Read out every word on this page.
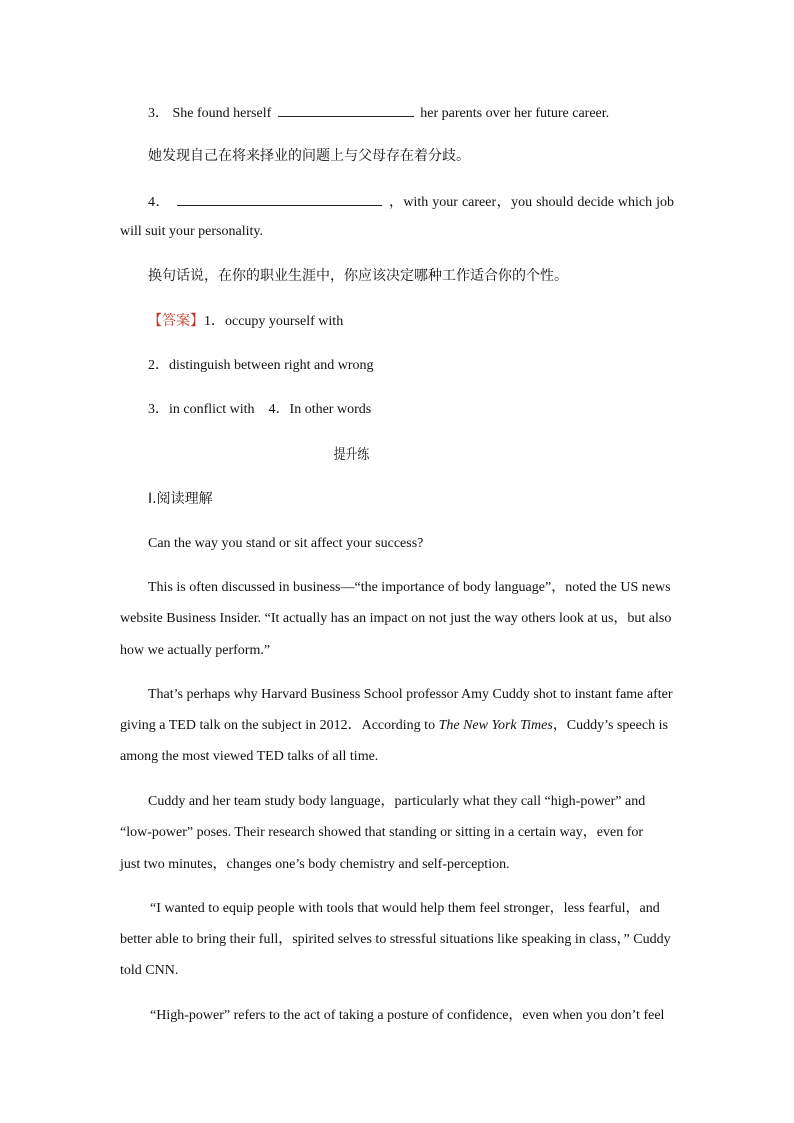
3． She found herself	her parents over her future career.
她发现自己在将来择业的问题上与父母存在着分歧。
4．	，with your career，you should decide which job
will suit your personality.
换句话说，在你的职业生涯中，你应该决定哪种工作适合你的个性。
【答案】1．occupy yourself with
2．distinguish between right and wrong
3．in conflict with　4．In other words
提升练
Ⅰ.阅读理解
Can the way you stand or sit affect your success?
This is often discussed in business—“the importance of body language”，noted the US news
website Business Insider. “It actually has an impact on not just the way others look at us，but also
how we actually perform.”
That’s perhaps why Harvard Business School professor Amy Cuddy shot to instant fame after
giving a TED talk on the subject in 2012．According to The New York Times，Cuddy’s speech is
among the most viewed TED talks of all time.
Cuddy and her team study body language，particularly what they call “high-power” and
“low-power” poses. Their research showed that standing or sitting in a certain way，even for
just two minutes，changes one’s body chemistry and self-perception.
“I wanted to equip people with tools that would help them feel stronger，less fearful，and
better able to bring their full，spirited selves to stressful situations like speaking in class，” Cuddy
told CNN.
“High-power” refers to the act of taking a posture of confidence，even when you don’t feel
